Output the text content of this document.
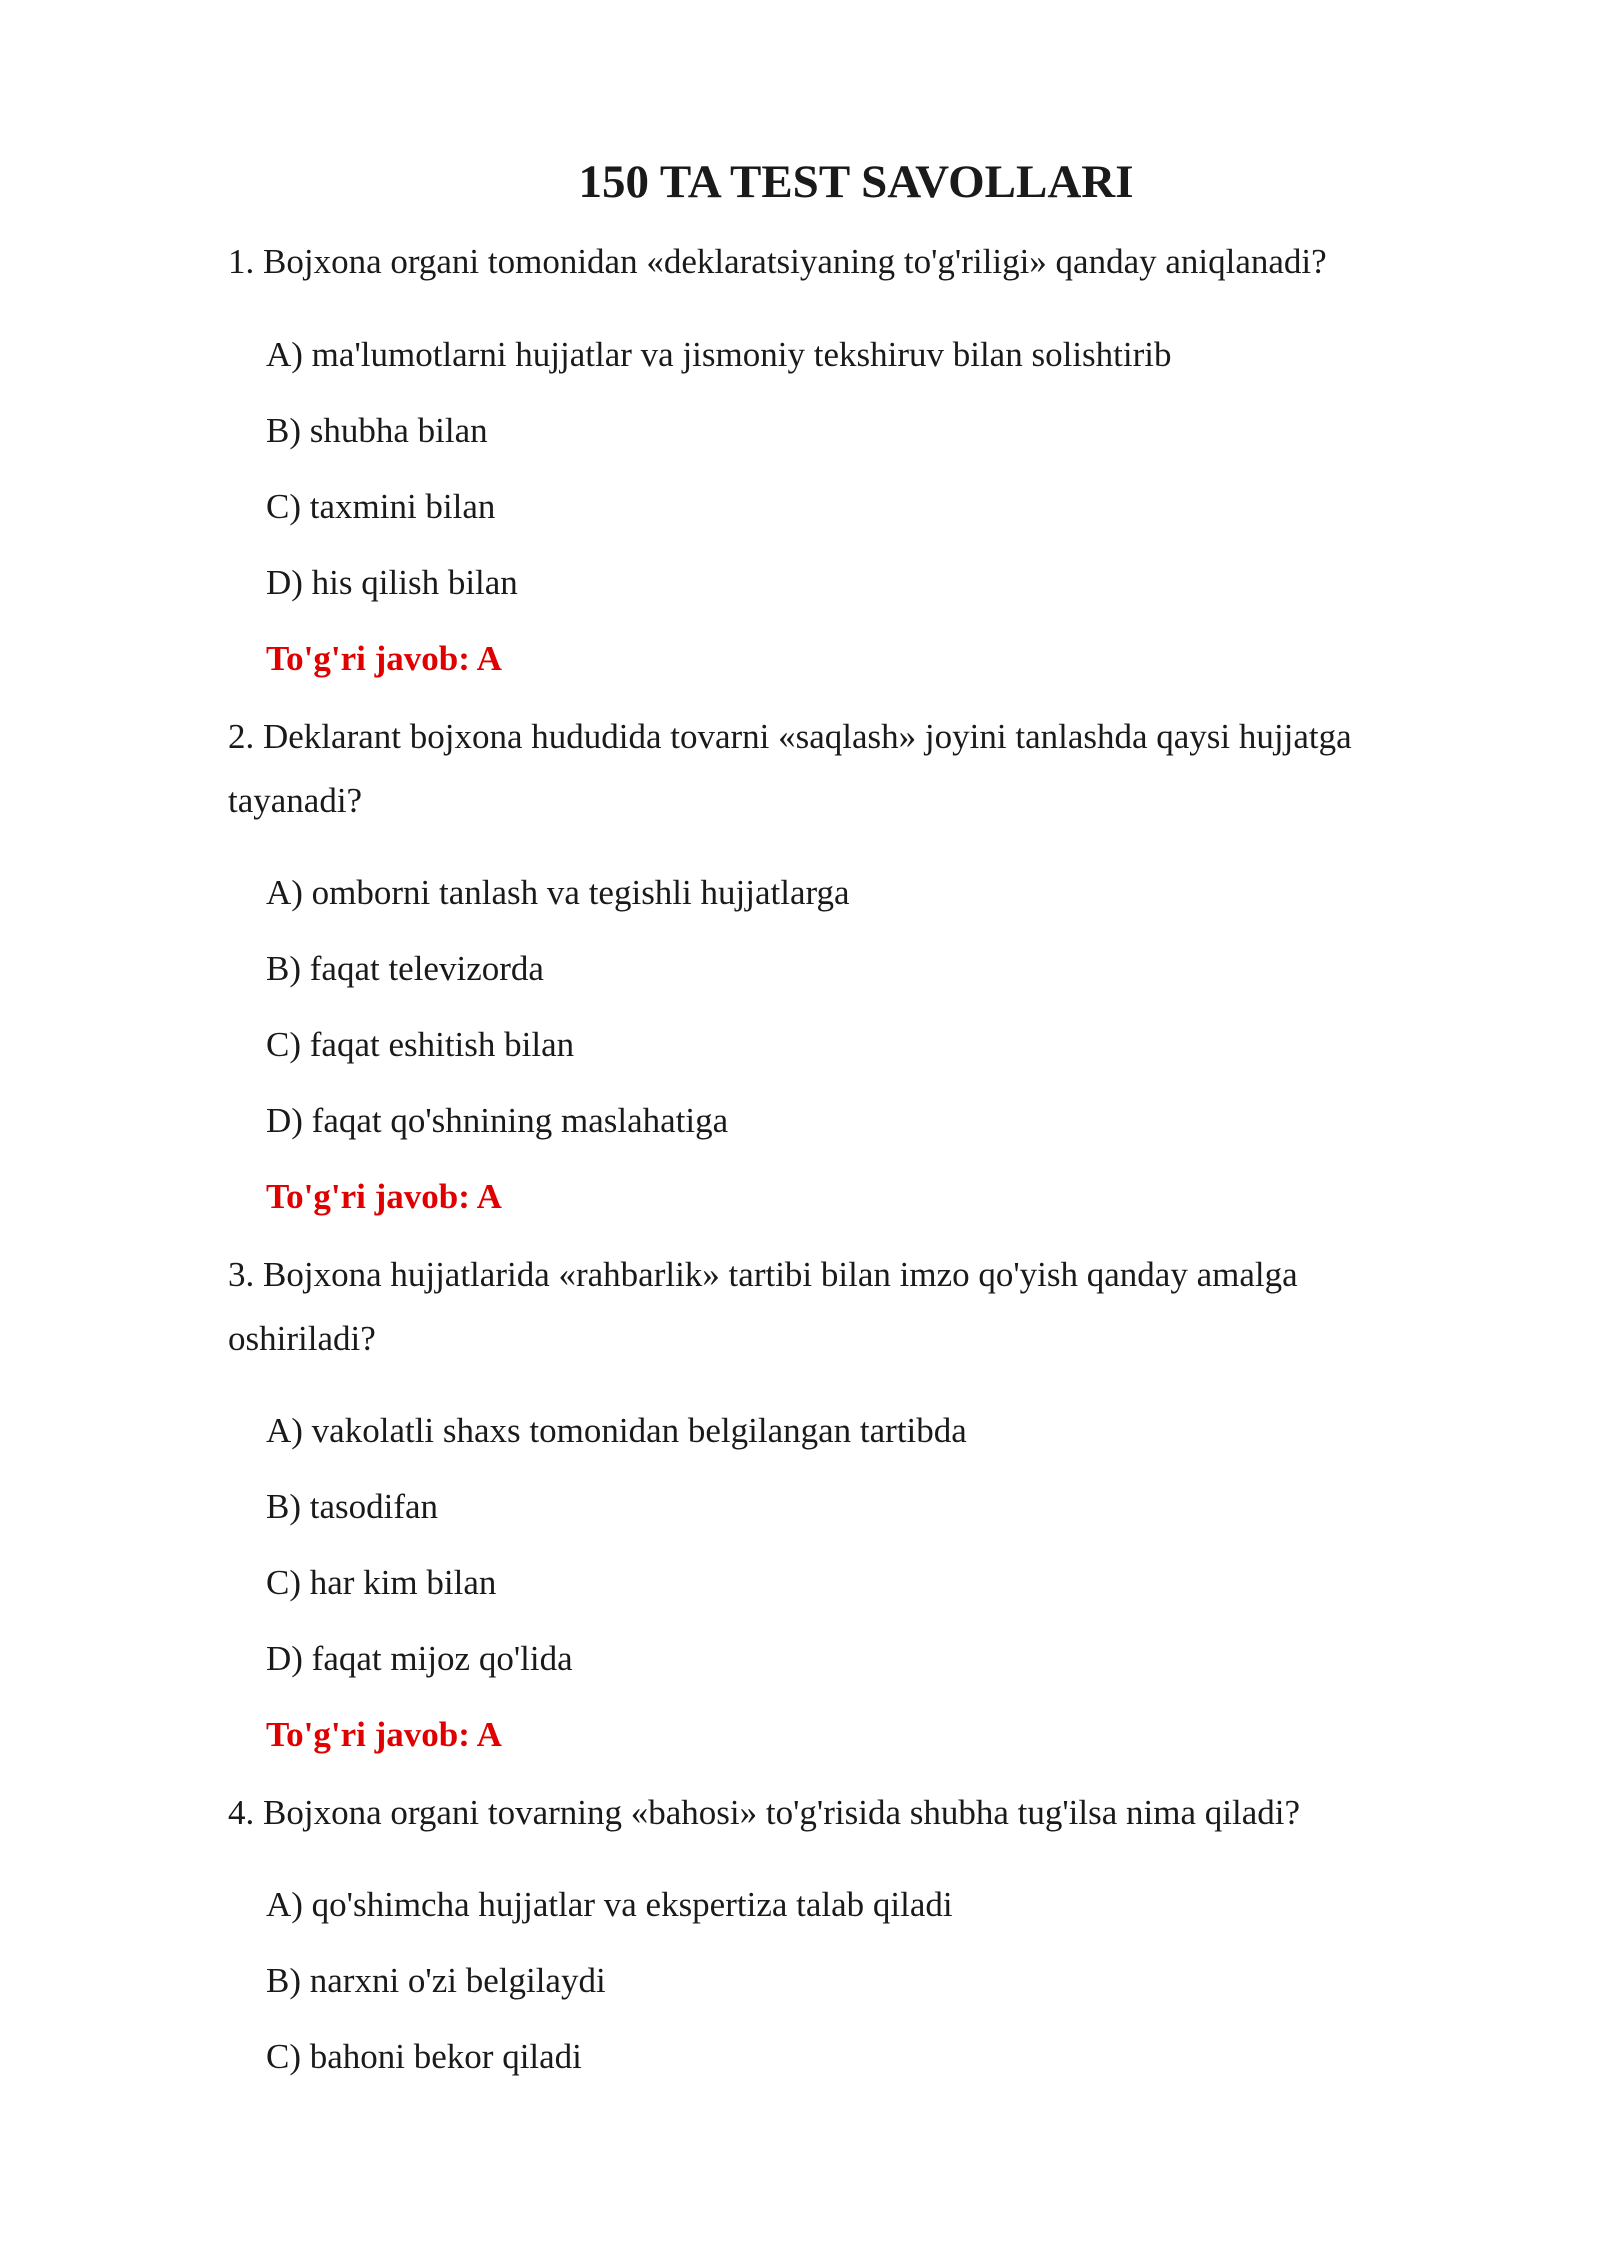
150 TA TEST SAVOLLARI

1. Bojxona organi tomonidan «deklaratsiyaning to'g'riligi» qanday aniqlanadi?

A) ma'lumotlarni hujjatlar va jismoniy tekshiruv bilan solishtirib

B) shubha bilan

C) taxmini bilan

D) his qilish bilan

To'g'ri javob: A

2. Deklarant bojxona hududida tovarni «saqlash» joyini tanlashda qaysi hujjatga tayanadi?

A) omborni tanlash va tegishli hujjatlarga

B) faqat televizorda

C) faqat eshitish bilan

D) faqat qo'shnining maslahatiga

To'g'ri javob: A

3. Bojxona hujjatlarida «rahbarlik» tartibi bilan imzo qo'yish qanday amalga oshiriladi?

A) vakolatli shaxs tomonidan belgilangan tartibda

B) tasodifan

C) har kim bilan

D) faqat mijoz qo'lida

To'g'ri javob: A

4. Bojxona organi tovarning «bahosi» to'g'risida shubha tug'ilsa nima qiladi?

A) qo'shimcha hujjatlar va ekspertiza talab qiladi

B) narxni o'zi belgilaydi

C) bahoni bekor qiladi
